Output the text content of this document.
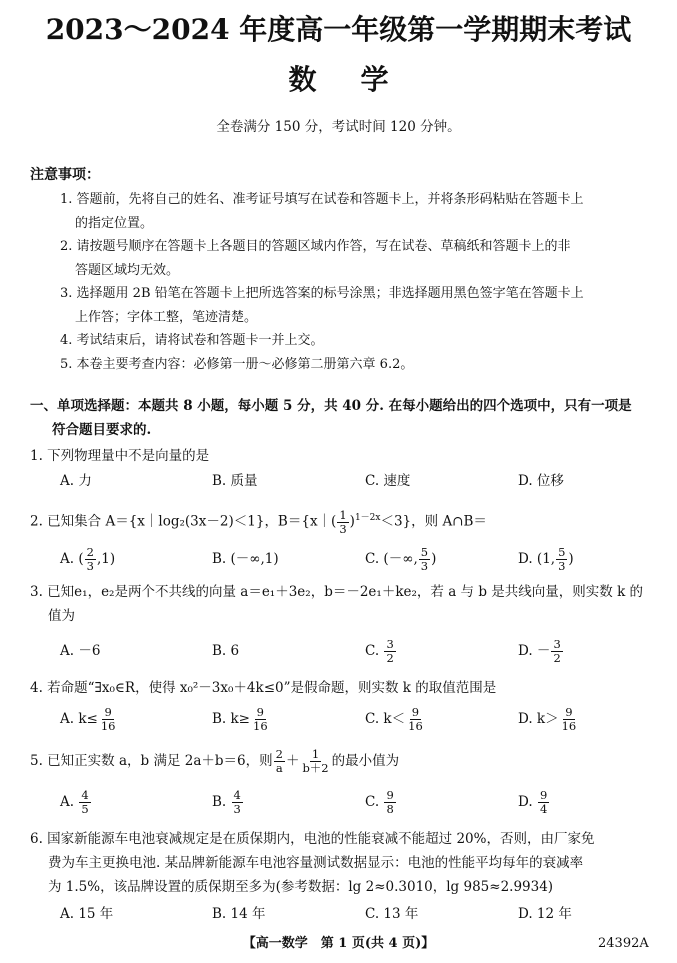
2023～2024 年度高一年级第一学期期末考试
数学
全卷满分 150 分，考试时间 120 分钟。
注意事项：
1. 答题前，先将自己的姓名、准考证号填写在试卷和答题卡上，并将条形码粘贴在答题卡上
的指定位置。
2. 请按题号顺序在答题卡上各题目的答题区域内作答，写在试卷、草稿纸和答题卡上的非
答题区域均无效。
3. 选择题用 2B 铅笔在答题卡上把所选答案的标号涂黑；非选择题用黑色签字笔在答题卡上
上作答；字体工整，笔迹清楚。
4. 考试结束后，请将试卷和答题卡一并上交。
5. 本卷主要考查内容：必修第一册～必修第二册第六章 6.2。
一、单项选择题：本题共 8 小题，每小题 5 分，共 40 分. 在每小题给出的四个选项中，只有一项是
符合题目要求的.
1. 下列物理量中不是向量的是
A. 力	B. 质量	C. 速度	D. 位移
2. 已知集合 A＝{x｜log₂(3x－2)＜1}，B＝{x｜( $\frac{1}{3} )^{1-2x}<3$}，则 A∩B＝
A. ( $\frac{2}{3} ,1$)	B. (－∞,1)	C. (－∞, $\frac{5}{3}$ )	D. (1, $\frac{5}{3}$ )
3. 已知e₁，e₂是两个不共线的向量 a＝e₁＋3e₂，b＝－2e₁＋ke₂，若 a 与 b 是共线向量，则实数 k 的
值为
A. －6	B. 6	C. $\frac{3}{2}$	D. － $\frac{3}{2}$
4. 若命题“∃x₀∈R，使得 x₀²－3x₀＋4k≤0”是假命题，则实数 k 的取值范围是
A. $k\le \frac{9}{16}$	B. $k\ge \frac{9}{16}$	C. $k< \frac{9}{16}$	D. $k> \frac{9}{16}$
5. 已知正实数 a，b 满足 2a＋b＝6，则 $\frac{2}{a} + \frac{1}{b+2}$ 的最小值为
A. $\frac{4}{5}$	B. $\frac{4}{3}$	C. $\frac{9}{8}$	D. $\frac{9}{4}$
6. 国家新能源车电池衰减规定是在质保期内，电池的性能衰减不能超过 20%，否则，由厂家免
费为车主更换电池. 某品牌新能源车电池容量测试数据显示：电池的性能平均每年的衰减率
为 1.5%，该品牌设置的质保期至多为(参考数据：lg 2≈0.3010，lg 985≈2.9934)
A. 15 年	B. 14 年	C. 13 年	D. 12 年
【高一数学　第 1 页(共 4 页)】	24392A
